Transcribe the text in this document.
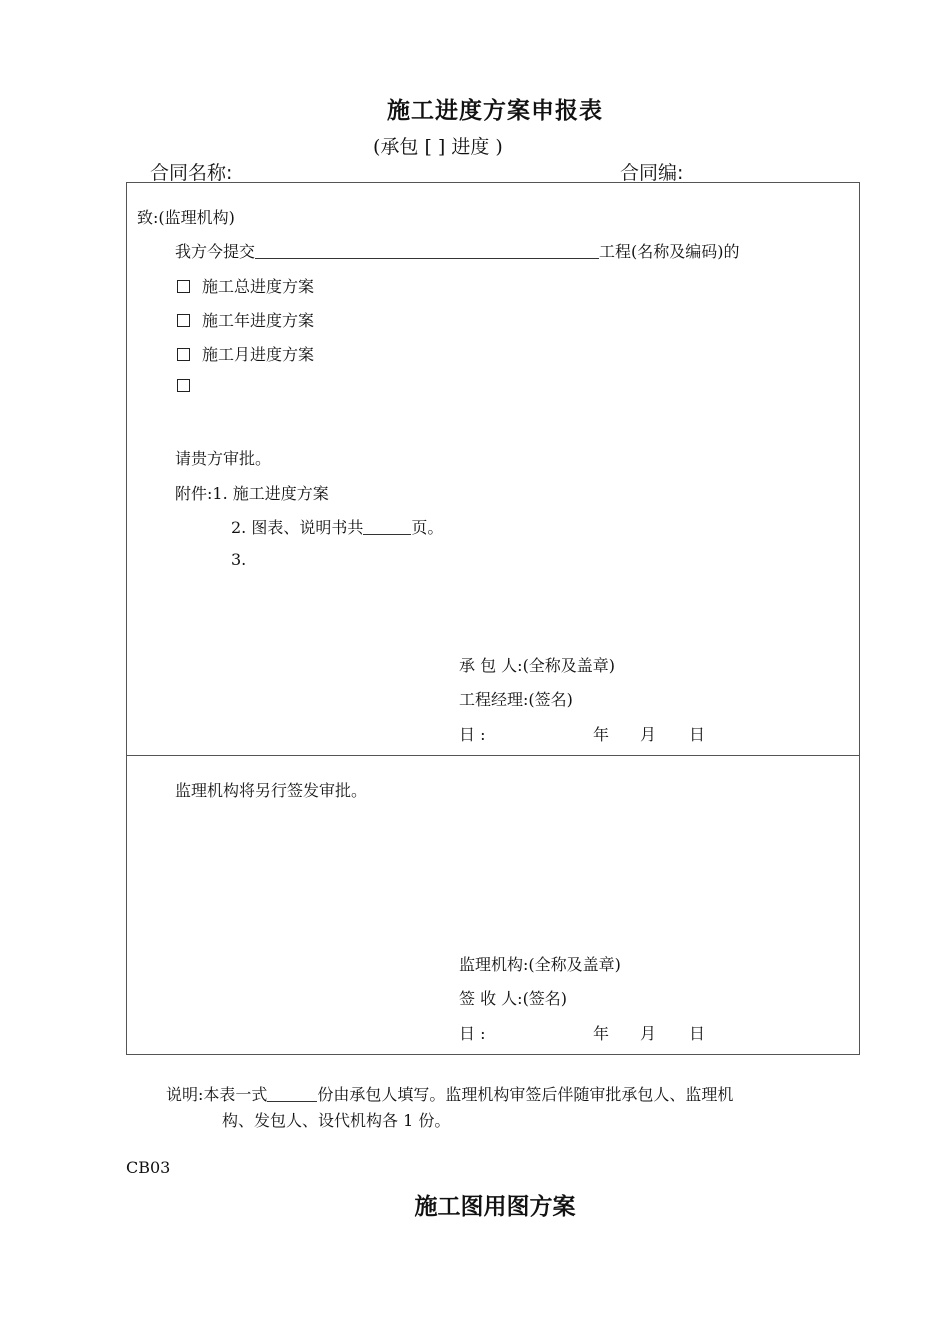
施工进度方案申报表
(承包 [ ] 进度 )
合同名称:	合同编:
致:(监理机构)
我方今提交	工程(名称及编码)的
施工总进度方案
施工年进度方案
施工月进度方案
请贵方审批。
附件:1. 施工进度方案
2. 图表、说明书共	页。
3.
承 包 人:(全称及盖章)
工程经理:(签名)
日 :	年 月 日
监理机构将另行签发审批。
监理机构:(全称及盖章)
签 收 人:(签名)
日 :	年 月 日
说明:本表一式	份由承包人填写。监理机构审签后伴随审批承包人、监理机
构、发包人、设代机构各 1 份。
CB03
施工图用图方案
